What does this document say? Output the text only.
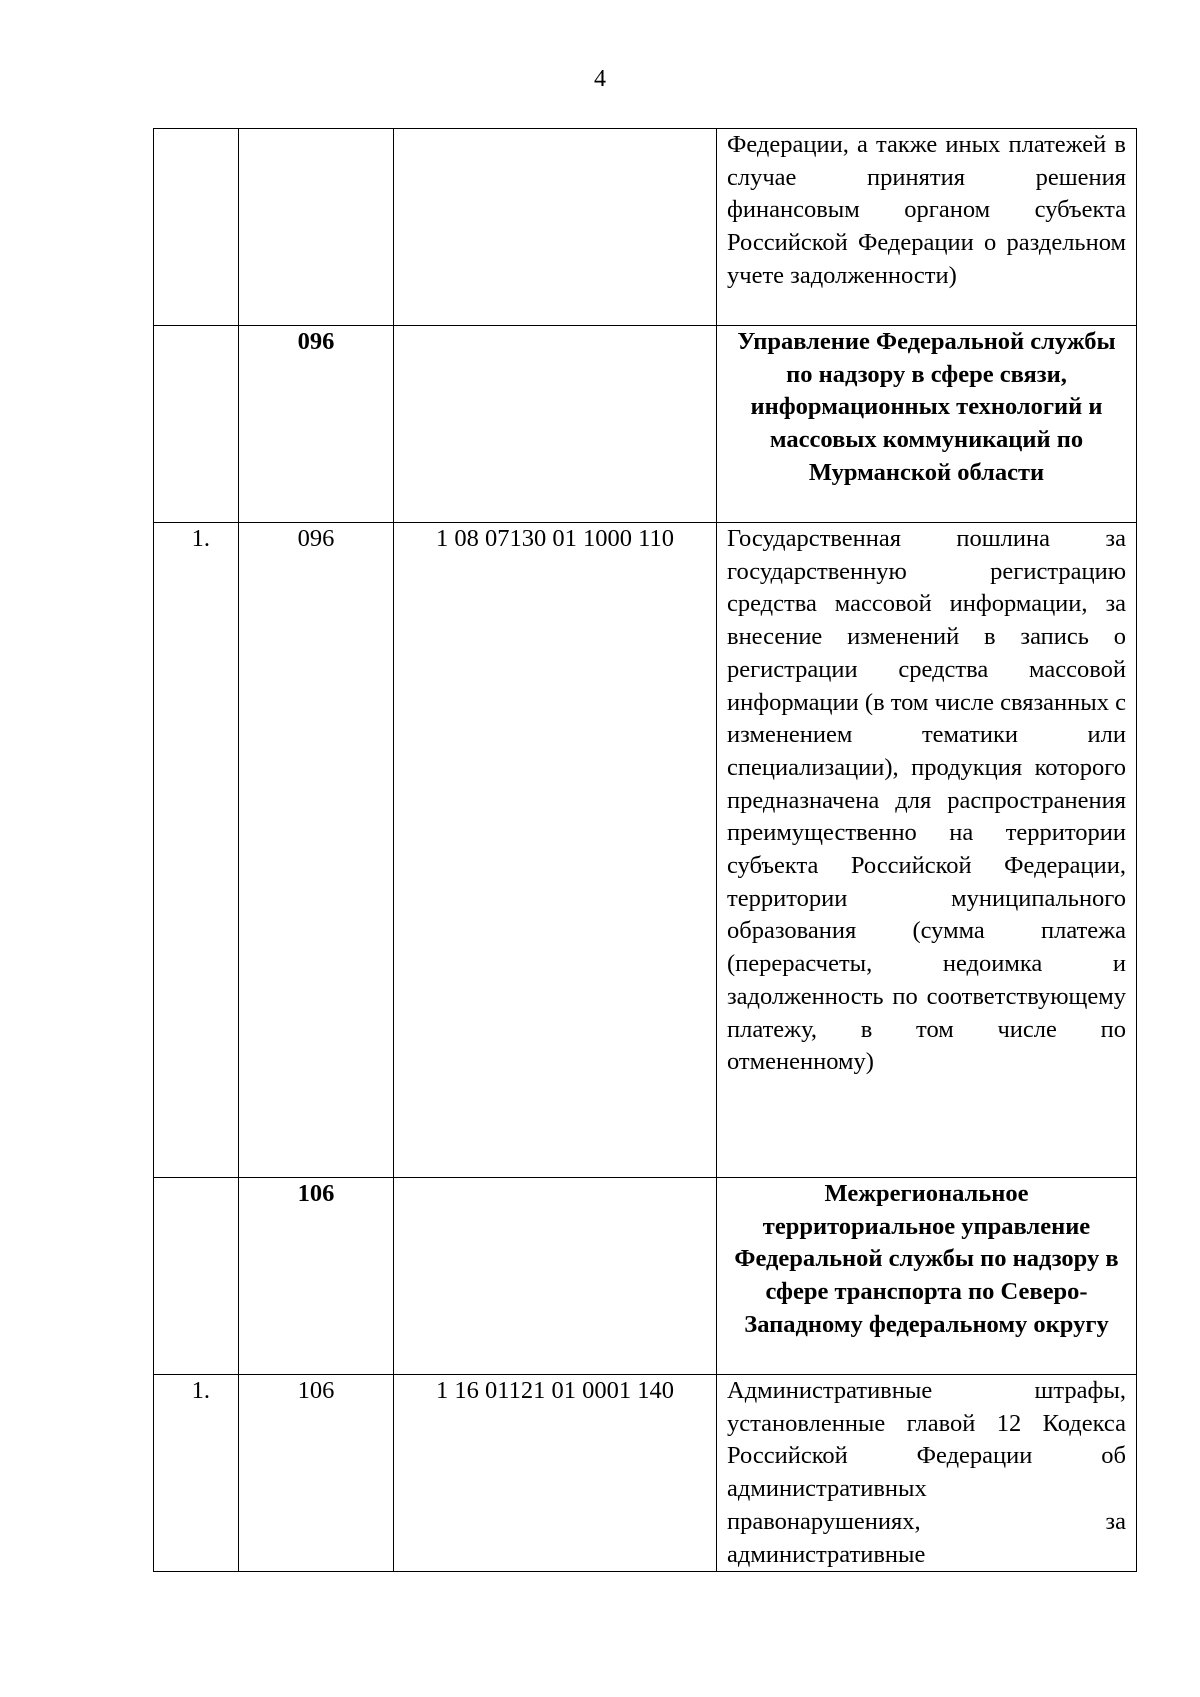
4
			Федерации, а также иных платежей в случае принятия решения финансовым органом субъекта Российской Федерации о раздельном учете задолженности)
	096		Управление Федеральной службы по надзору в сфере связи, информационных технологий и массовых коммуникаций по Мурманской области
1.	096	1 08 07130 01 1000 110	Государственная пошлина за государственную регистрацию средства массовой информации, за внесение изменений в запись о регистрации средства массовой информации (в том числе связанных с изменением тематики или специализации), продукция которого предназначена для распространения преимущественно на территории субъекта Российской Федерации, территории муниципального образования (сумма платежа (перерасчеты, недоимка и задолженность по соответствующему платежу, в том числе по отмененному)
	106		Межрегиональное территориальное управление Федеральной службы по надзору в сфере транспорта по Северо-Западному федеральному округу
1.	106	1 16 01121 01 0001 140	Административные штрафы, установленные главой 12 Кодекса Российской Федерации об административных правонарушениях, за административные
